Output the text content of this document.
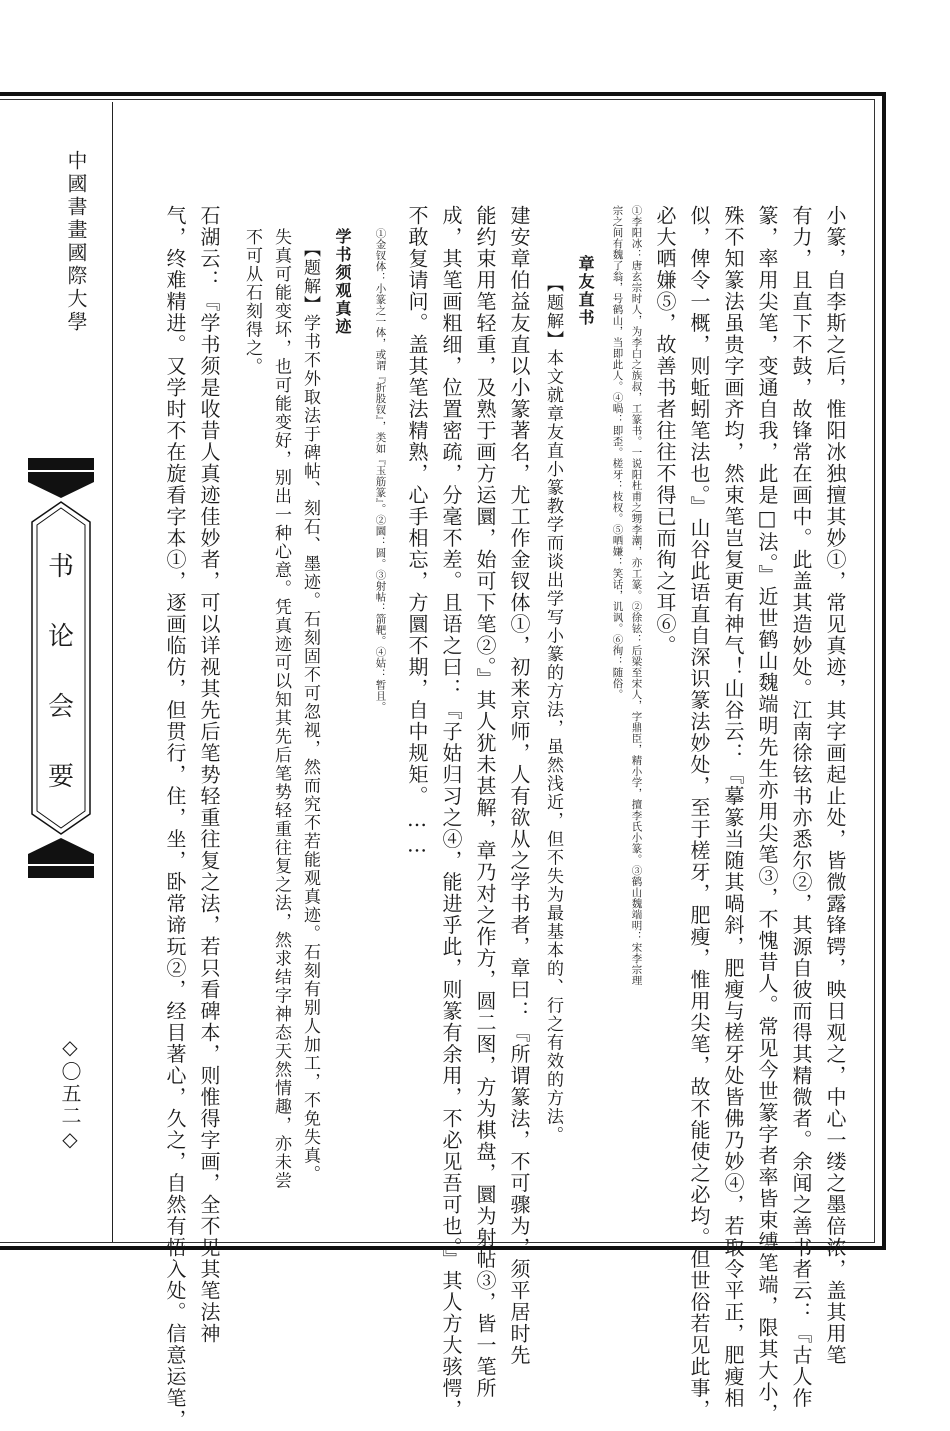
中國書畫國際大學
书
论
会
要
◇〇五二◇	小篆，自李斯之后，惟阳冰独擅其妙①，常见真迹，其字画起止处，皆微露锋锷，映日观之，中心一缕之墨倍浓，盖其用笔
有力，且直下不鼓，故锋常在画中。此盖其造妙处。江南徐铉书亦悉尔②，其源自彼而得其精微者。余闻之善书者云：『古人作
篆，率用尖笔，变通自我，此是□法。』近世鹤山魏端明先生亦用尖笔③，不愧昔人。常见今世篆字者率皆束缚笔端，限其大小，
殊不知篆法虽贵字画齐均，然束笔岂复更有神气！山谷云：『摹篆当随其喎斜，肥瘦与槎牙处皆佛乃妙④，若取令平正，肥瘦相
似，俾令一概，则蚯蚓笔法也。』山谷此语直自深识篆法妙处，至于槎牙，肥瘦，惟用尖笔，故不能使之必均。但世俗若见此事，
必大哂嫌⑤，故善书者往往不得已而徇之耳⑥。
①李阳冰：唐玄宗时人，为李白之族叔，工篆书。一说阳杜甫之甥李潮，亦工篆。②徐铉：后梁至宋人，字鼎臣，精小学，擅李氏小篆。③鹤山魏端明：宋李宗理
宗之间有魏了翁，号鹤山，当即此人。④喎：即歪。槎牙：枝杈。⑤哂嫌：笑话，讥讽。⑥徇：随俗。
章友直书
【题解】本文就章友直小篆教学而谈出学写小篆的方法，虽然浅近，但不失为最基本的、行之有效的方法。
建安章伯益友直以小篆著名，尤工作金钗体①，初来京师，人有欲从之学书者，章曰：『所谓篆法，不可骤为，须平居时先
能约束用笔轻重，及熟于画方运圜，始可下笔②。』其人犹未甚解，章乃对之作方，圆二图，方为棋盘，圜为射帖③，皆一笔所
成，其笔画粗细，位置密疏，分毫不差。且语之曰：『子姑归习之④，能进乎此，则篆有余用，不必见吾可也。』其人方大骇愕，
不敢复请问。盖其笔法精熟，心手相忘，方圜不期，自中规矩。……
①金钗体：小篆之一体，或谓『折股钗』，类如『玉筋篆』。②圜：圆。③射帖：箭靶。④姑：暂且。
学书须观真迹
【题解】学书不外取法于碑帖、刻石、墨迹。石刻固不可忽视，然而究不若能观真迹。石刻有别人加工，不免失真。
失真可能变坏，也可能变好，别出一种心意。凭真迹可以知其先后笔势轻重往复之法，然求结字神态天然情趣，亦未尝
不可从石刻得之。
石湖云：『学书须是收昔人真迹佳妙者，可以详视其先后笔势轻重往复之法，若只看碑本，则惟得字画，全不见其笔法神
气，终难精进。又学时不在旋看字本①，逐画临仿，但贯行，住，坐，卧常谛玩②，经目著心，久之，自然有悟入处。信意运笔，
